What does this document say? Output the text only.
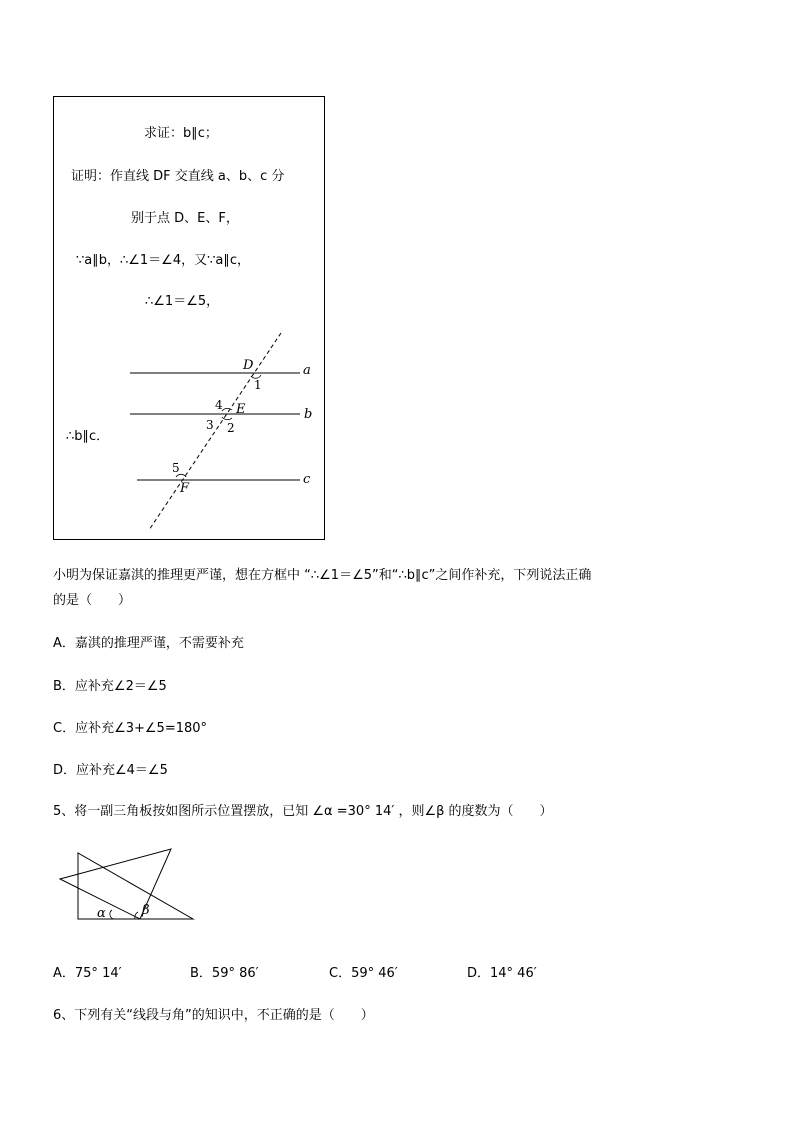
求证：b∥c；
证明：作直线 DF 交直线 a、b、c 分
别于点 D、E、F，
∵a∥b，∴∠1＝∠4，又∵a∥c，
∴∠1＝∠5，
∴b∥c．
D
1
a
4 E	b
3 2
5
F
c
小明为保证嘉淇的推理更严谨，想在方框中 “∴∠1＝∠5”和“∴b∥c”之间作补充，下列说法正确
的是（　　）
A．嘉淇的推理严谨，不需要补充
B．应补充∠2＝∠5
C．应补充∠3+∠5=180°
D．应补充∠4＝∠5
5、将一副三角板按如图所示位置摆放，已知 ∠α =30° 14′ ，则∠β 的度数为（　　）
α	β
A．75° 14′	B．59° 86′	C．59° 46′	D．14° 46′
6、下列有关“线段与角”的知识中，不正确的是（　　）
